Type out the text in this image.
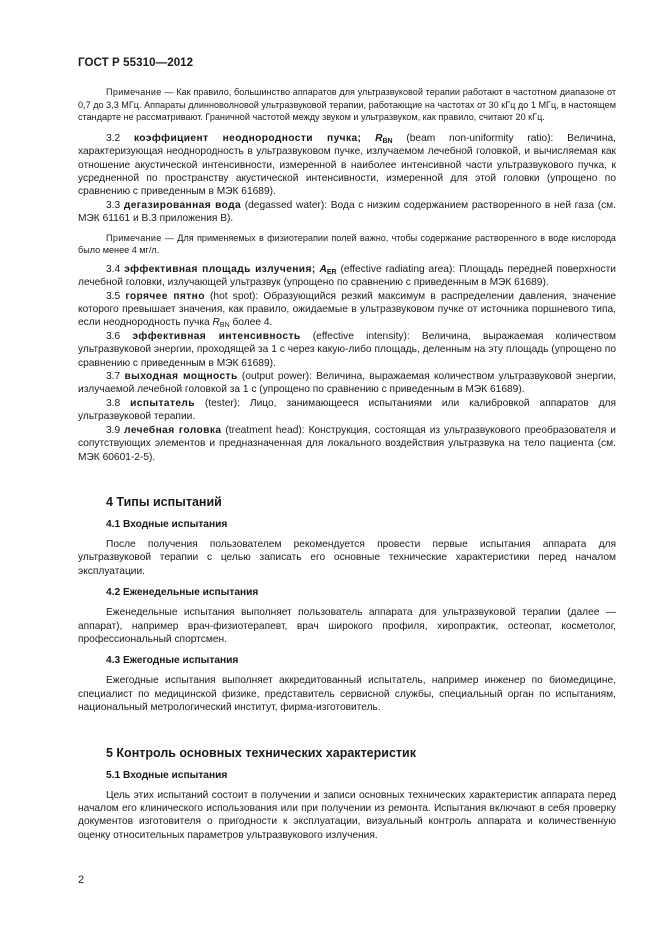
ГОСТ Р 55310—2012

Примечание — Как правило, большинство аппаратов для ультразвуковой терапии работают в частотном диапазоне от 0,7 до 3,3 МГц. Аппараты длинноволновой ультразвуковой терапии, работающие на частотах от 30 кГц до 1 МГц, в настоящем стандарте не рассматривают. Граничной частотой между звуком и ультразвуком, как правило, считают 20 кГц.

3.2 коэффициент неоднородности пучка; $R_{BN}$ (beam non-uniformity ratio): Величина, характеризующая неоднородность в ультразвуковом пучке, излучаемом лечебной головкой, и вычисляемая как отношение акустической интенсивности, измеренной в наиболее интенсивной части ультразвукового пучка, к усредненной по пространству акустической интенсивности, измеренной для этой головки (упрощено по сравнению с приведенным в МЭК 61689).

3.3 дегазированная вода (degassed water): Вода с низким содержанием растворенного в ней газа (см. МЭК 61161 и В.3 приложения В).

Примечание — Для применяемых в физиотерапии полей важно, чтобы содержание растворенного в воде кислорода было менее 4 мг/л.

3.4 эффективная площадь излучения; $A_{ER}$ (effective radiating area): Площадь передней поверхности лечебной головки, излучающей ультразвук (упрощено по сравнению с приведенным в МЭК 61689).

3.5 горячее пятно (hot spot): Образующийся резкий максимум в распределении давления, значение которого превышает значения, как правило, ожидаемые в ультразвуковом пучке от источника поршневого типа, если неоднородность пучка $R_{BN}$ более 4.

3.6 эффективная интенсивность (effective intensity): Величина, выражаемая количеством ультразвуковой энергии, проходящей за 1 с через какую-либо площадь, деленным на эту площадь (упрощено по сравнению с приведенным в МЭК 61689).

3.7 выходная мощность (output power): Величина, выражаемая количеством ультразвуковой энергии, излучаемой лечебной головкой за 1 с (упрощено по сравнению с приведенным в МЭК 61689).

3.8 испытатель (tester): Лицо, занимающееся испытаниями или калибровкой аппаратов для ультразвуковой терапии.

3.9 лечебная головка (treatment head): Конструкция, состоящая из ультразвукового преобразователя и сопутствующих элементов и предназначенная для локального воздействия ультразвука на тело пациента (см. МЭК 60601-2-5).

4 Типы испытаний
4.1 Входные испытания

После получения пользователем рекомендуется провести первые испытания аппарата для ультразвуковой терапии с целью записать его основные технические характеристики перед началом эксплуатации.

4.2 Еженедельные испытания

Еженедельные испытания выполняет пользователь аппарата для ультразвуковой терапии (далее — аппарат), например врач-физиотерапевт, врач широкого профиля, хиропрактик, остеопат, косметолог, профессиональный спортсмен.

4.3 Ежегодные испытания

Ежегодные испытания выполняет аккредитованный испытатель, например инженер по биомедицине, специалист по медицинской физике, представитель сервисной службы, специальный орган по испытаниям, национальный метрологический институт, фирма-изготовитель.

5 Контроль основных технических характеристик
5.1 Входные испытания

Цель этих испытаний состоит в получении и записи основных технических характеристик аппарата перед началом его клинического использования или при получении из ремонта. Испытания включают в себя проверку документов изготовителя о пригодности к эксплуатации, визуальный контроль аппарата и количественную оценку относительных параметров ультразвукового излучения.

2
